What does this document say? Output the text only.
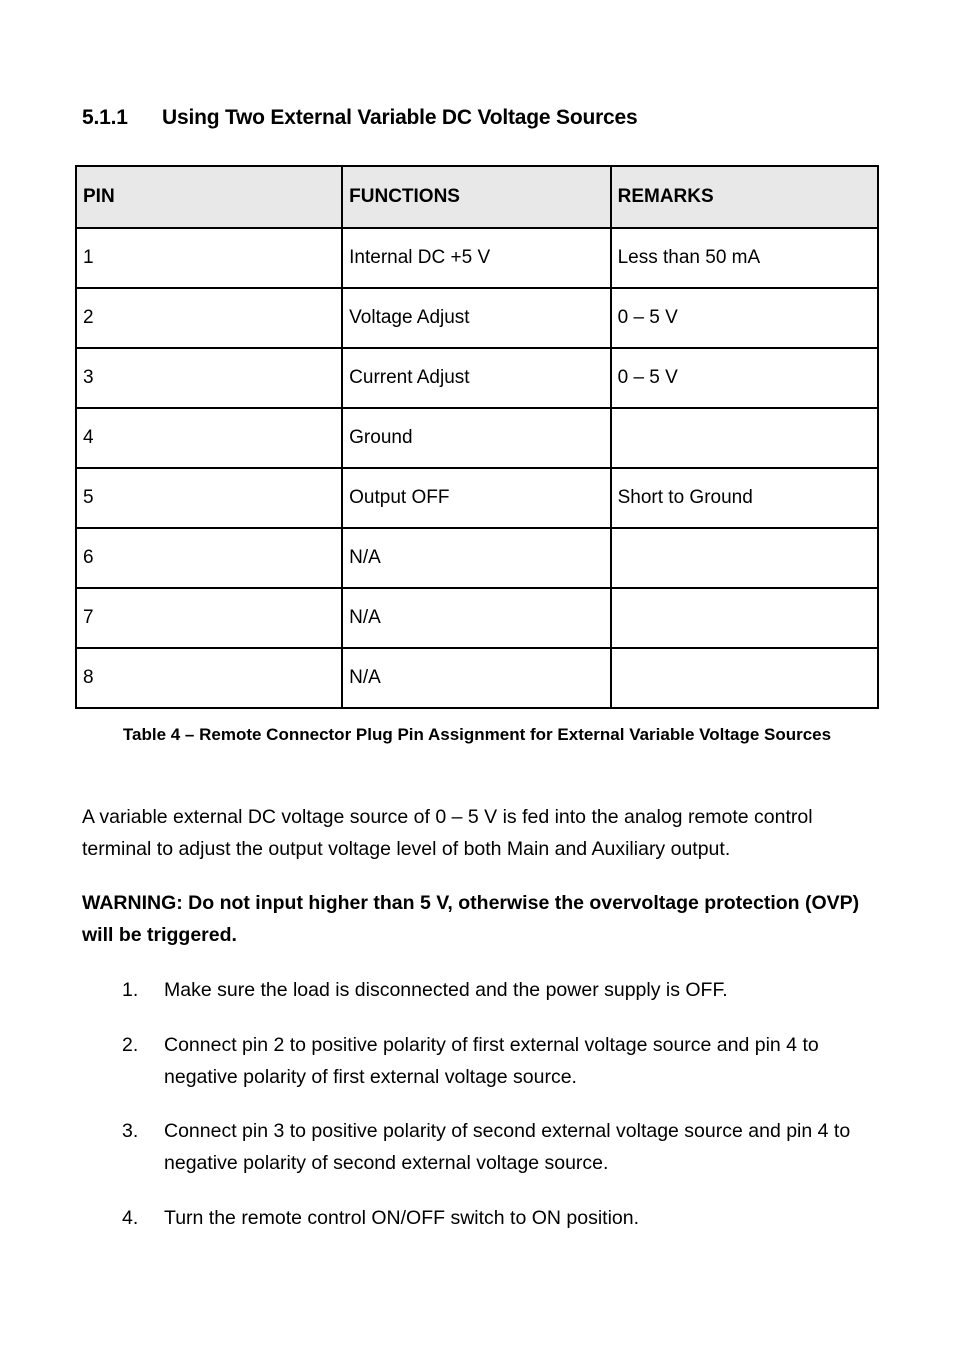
5.1.1 Using Two External Variable DC Voltage Sources
PIN	FUNCTIONS	REMARKS
1	Internal DC +5 V	Less than 50 mA
2	Voltage Adjust	0 – 5 V
3	Current Adjust	0 – 5 V
4	Ground	
5	Output OFF	Short to Ground
6	N/A	
7	N/A	
8	N/A	
Table 4 – Remote Connector Plug Pin Assignment for External Variable Voltage Sources
A variable external DC voltage source of 0 – 5 V is fed into the analog remote control terminal to adjust the output voltage level of both Main and Auxiliary output.
WARNING: Do not input higher than 5 V, otherwise the overvoltage protection (OVP) will be triggered.
1.	Make sure the load is disconnected and the power supply is OFF.
2.	Connect pin 2 to positive polarity of first external voltage source and pin 4 to negative polarity of first external voltage source.
3.	Connect pin 3 to positive polarity of second external voltage source and pin 4 to negative polarity of second external voltage source.
4.	Turn the remote control ON/OFF switch to ON position.
